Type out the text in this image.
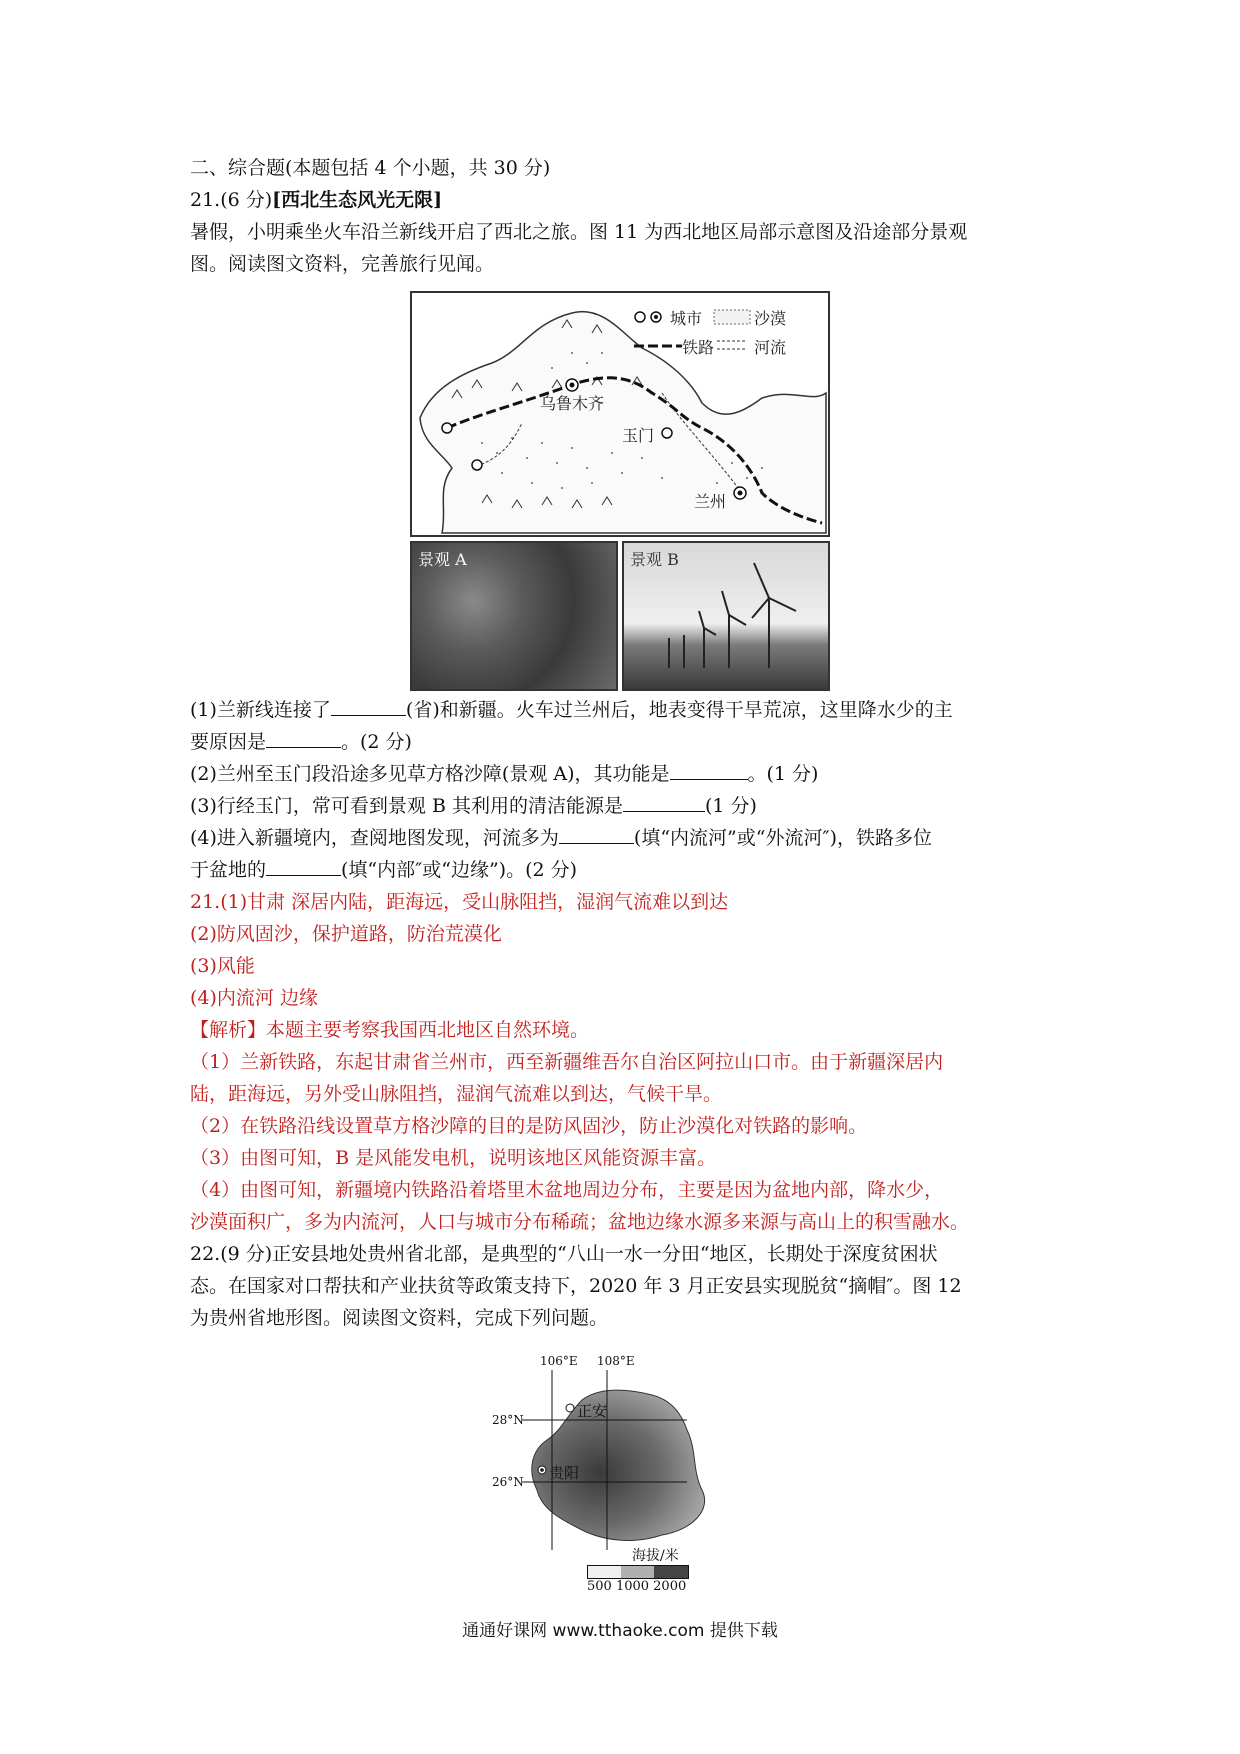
二、综合题(本题包括 4 个小题，共 30 分)
21.(6 分)[西北生态风光无限]
暑假，小明乘坐火车沿兰新线开启了西北之旅。图 11 为西北地区局部示意图及沿途部分景观
图。阅读图文资料，完善旅行见闻。
(1)兰新线连接了	(省)和新疆。火车过兰州后，地表变得干旱荒凉，这里降水少的主
要原因是	。(2 分)
(2)兰州至玉门段沿途多见草方格沙障(景观 A)，其功能是	。(1 分)
(3)行经玉门，常可看到景观 B 其利用的清洁能源是	(1 分)
(4)进入新疆境内，查阅地图发现，河流多为	(填“内流河”或“外流河″)，铁路多位
于盆地的	(填“内部″或“边缘”)。(2 分)
21.(1)甘肃 深居内陆，距海远，受山脉阻挡，湿润气流难以到达
(2)防风固沙，保护道路，防治荒漠化
(3)风能
(4)内流河 边缘
【解析】本题主要考察我国西北地区自然环境。
（1）兰新铁路，东起甘肃省兰州市，西至新疆维吾尔自治区阿拉山口市。由于新疆深居内
陆，距海远，另外受山脉阻挡，湿润气流难以到达，气候干旱。
（2）在铁路沿线设置草方格沙障的目的是防风固沙，防止沙漠化对铁路的影响。
（3）由图可知，B 是风能发电机，说明该地区风能资源丰富。
（4）由图可知，新疆境内铁路沿着塔里木盆地周边分布，主要是因为盆地内部，降水少，
沙漠面积广，多为内流河，人口与城市分布稀疏；盆地边缘水源多来源与高山上的积雪融水。
22.(9 分)正安县地处贵州省北部，是典型的“八山一水一分田“地区，长期处于深度贫困状
态。在国家对口帮扶和产业扶贫等政策支持下，2020 年 3 月正安县实现脱贫“摘帽″。图 12
为贵州省地形图。阅读图文资料，完成下列问题。
城市	沙漠
铁路 河流
乌鲁木齐
玉门
兰州
景观 A	景观 B
106°E 108°E
28°N
26°N
正安
贵阳
海拔/米
500 1000 2000
通通好课网 www.tthaoke.com 提供下载
